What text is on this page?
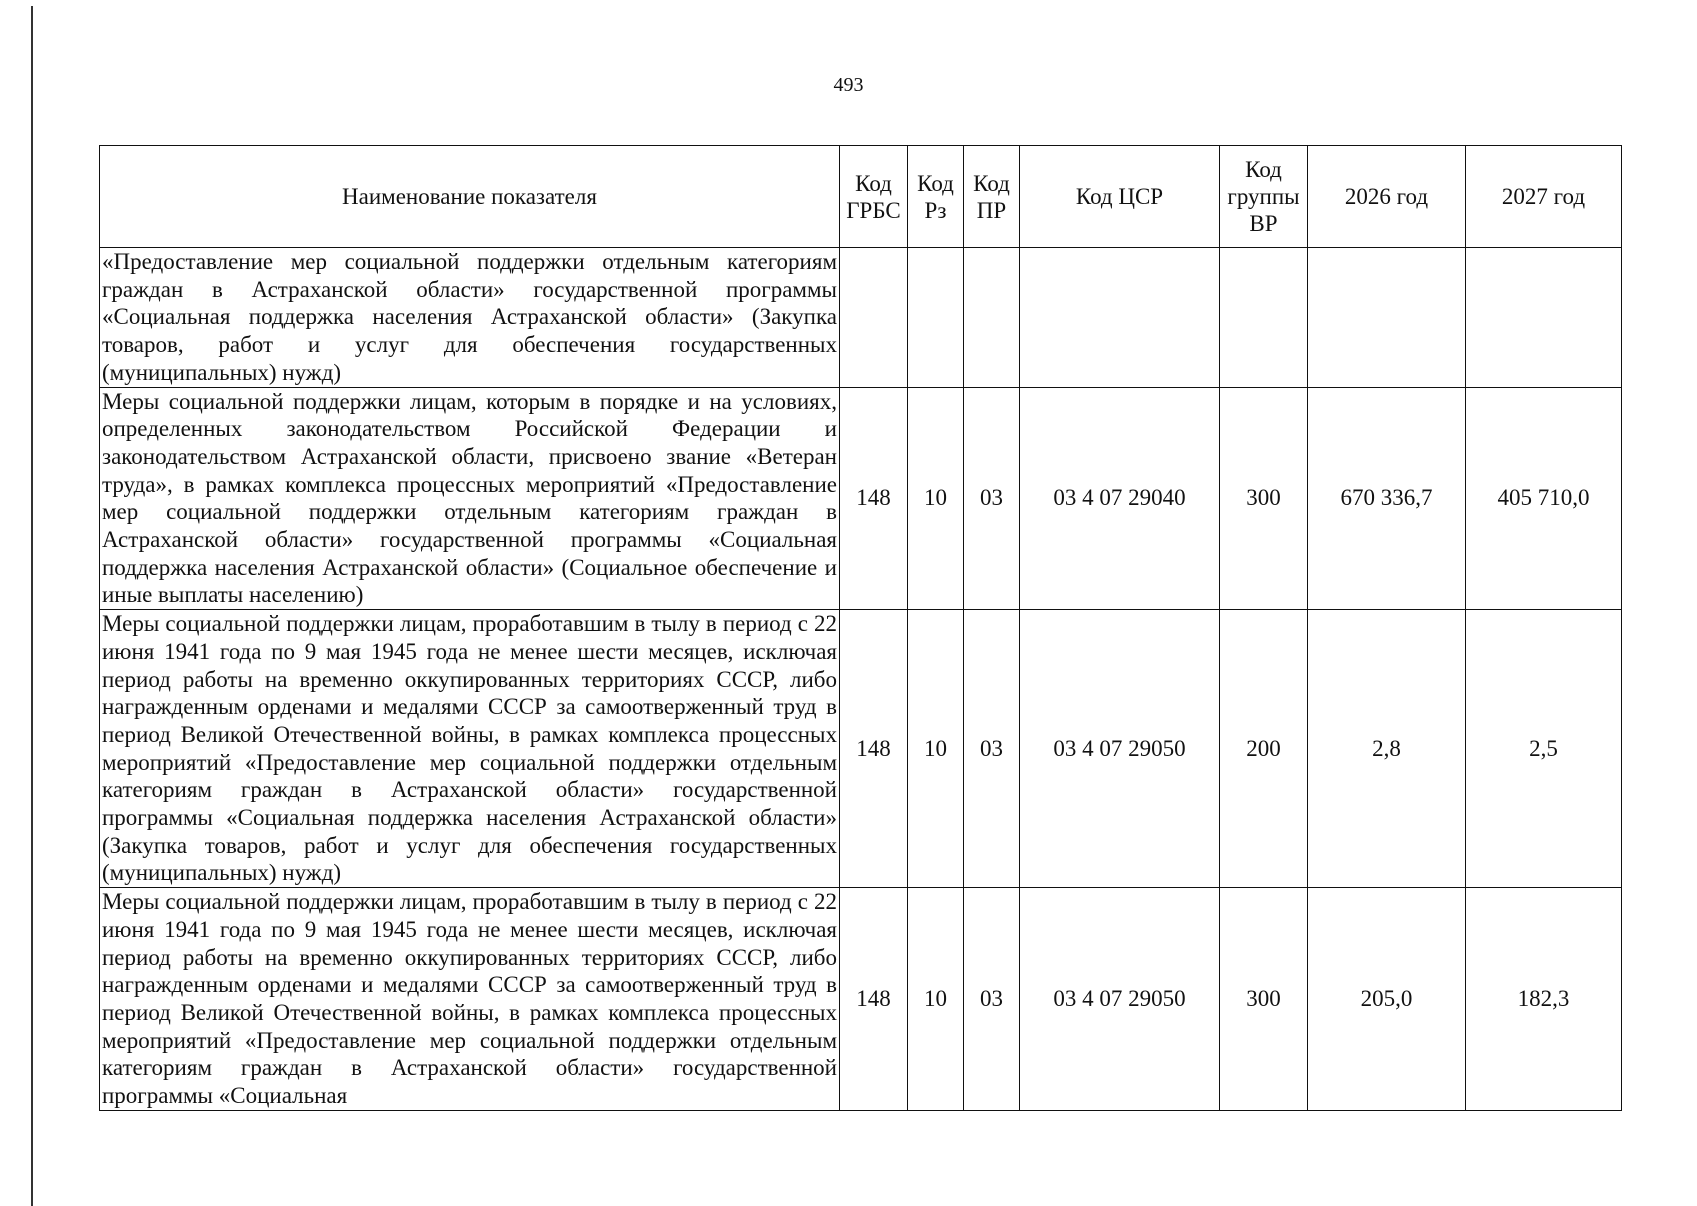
493
Наименование показателя	Код ГРБС	Код Рз	Код ПР	Код ЦСР	Код группы ВР	2026 год	2027 год
«Предоставление мер социальной поддержки отдельным категориям граждан в Астраханской области» государственной программы «Социальная поддержка населения Астраханской области» (Закупка товаров, работ и услуг для обеспечения государственных (муниципальных) нужд)							
Меры социальной поддержки лицам, которым в порядке и на условиях, определенных законодательством Российской Федерации и законодательством Астраханской области, присвоено звание «Ветеран труда», в рамках комплекса процессных мероприятий «Предоставление мер социальной поддержки отдельным категориям граждан в Астраханской области» государственной программы «Социальная поддержка населения Астраханской области» (Социальное обеспечение и иные выплаты населению)	148	10	03	03 4 07 29040	300	670 336,7	405 710,0
Меры социальной поддержки лицам, проработавшим в тылу в период с 22 июня 1941 года по 9 мая 1945 года не менее шести месяцев, исключая период работы на временно оккупированных территориях СССР, либо награжденным орденами и медалями СССР за самоотверженный труд в период Великой Отечественной войны, в рамках комплекса процессных мероприятий «Предоставление мер социальной поддержки отдельным категориям граждан в Астраханской области» государственной программы «Социальная поддержка населения Астраханской области» (Закупка товаров, работ и услуг для обеспечения государственных (муниципальных) нужд)	148	10	03	03 4 07 29050	200	2,8	2,5
Меры социальной поддержки лицам, проработавшим в тылу в период с 22 июня 1941 года по 9 мая 1945 года не менее шести месяцев, исключая период работы на временно оккупированных территориях СССР, либо награжденным орденами и медалями СССР за самоотверженный труд в период Великой Отечественной войны, в рамках комплекса процессных мероприятий «Предоставление мер социальной поддержки отдельным категориям граждан в Астраханской области» государственной программы «Социальная	148	10	03	03 4 07 29050	300	205,0	182,3
